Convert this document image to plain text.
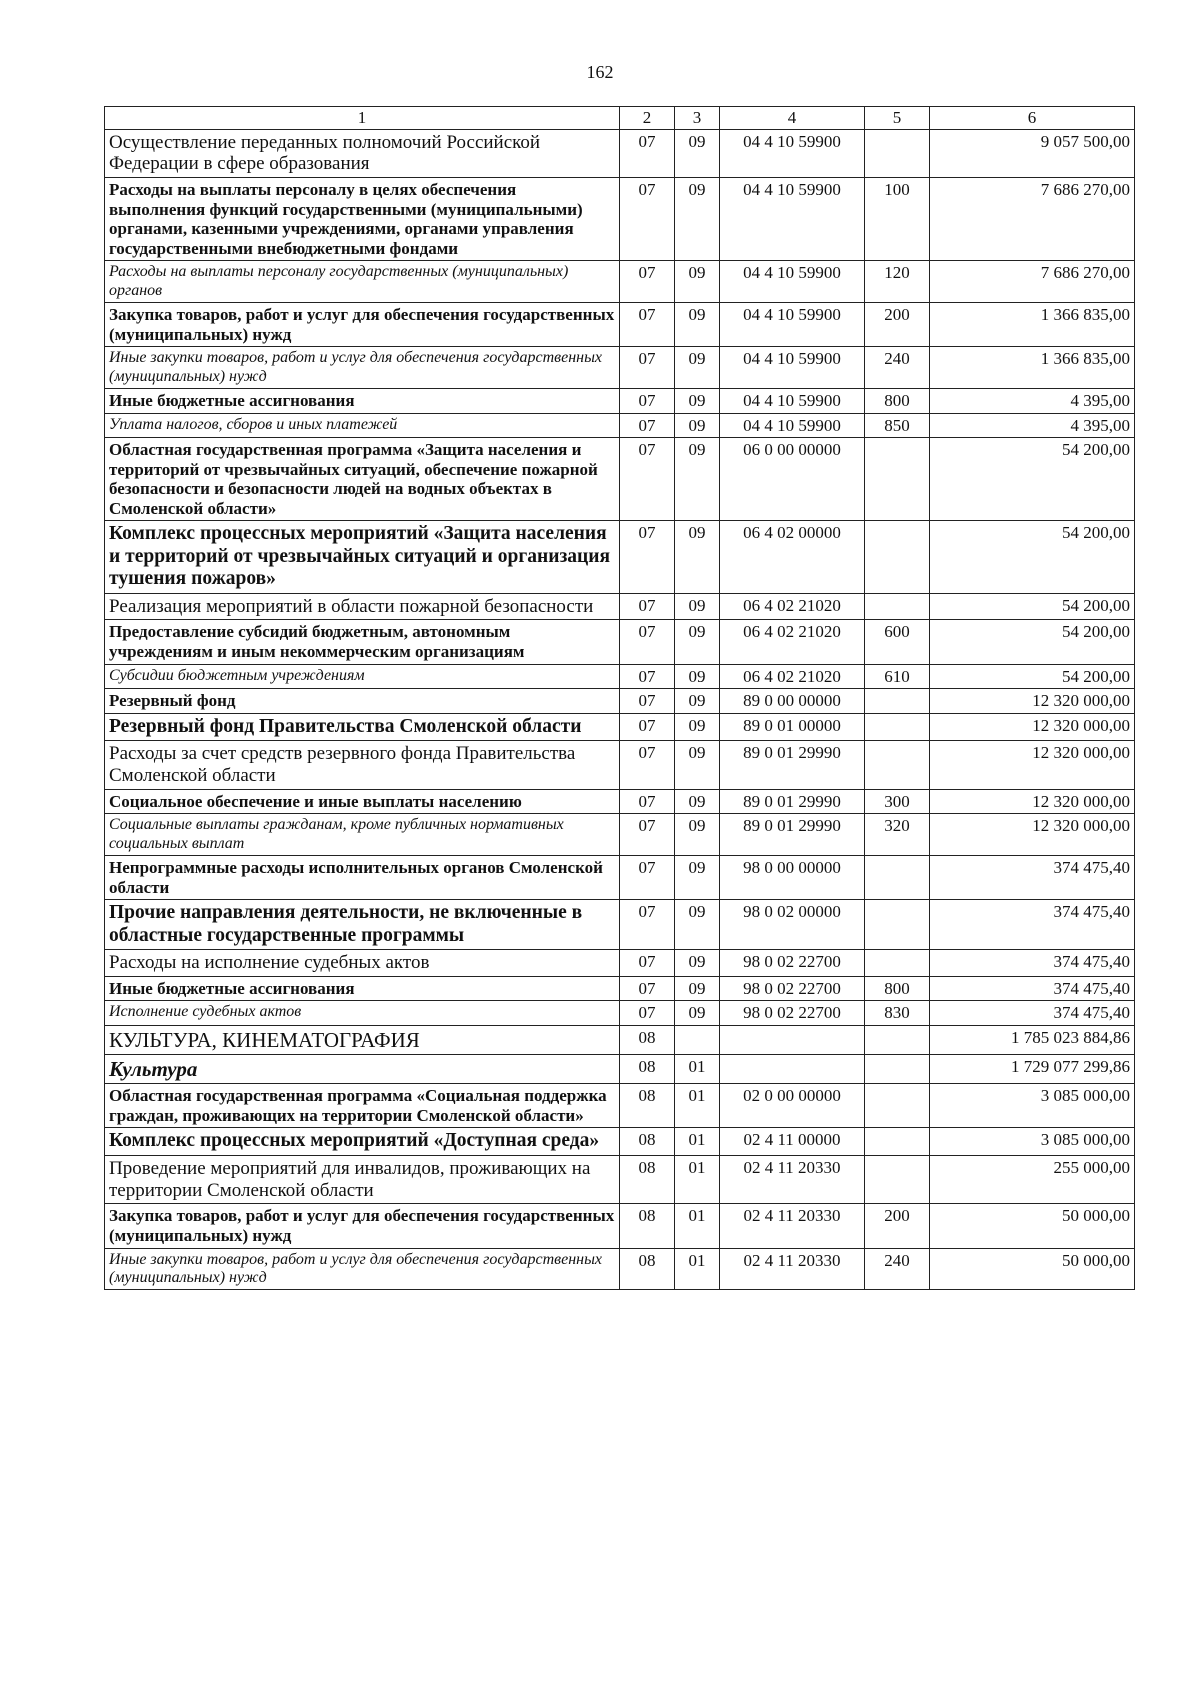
162
1	2	3	4	5	6
Осуществление переданных полномочий Российской Федерации в сфере образования	07	09	04 4 10 59900		9 057 500,00
Расходы на выплаты персоналу в целях обеспечения выполнения функций государственными (муниципальными) органами, казенными учреждениями, органами управления государственными внебюджетными фондами	07	09	04 4 10 59900	100	7 686 270,00
Расходы на выплаты персоналу государственных (муниципальных) органов	07	09	04 4 10 59900	120	7 686 270,00
Закупка товаров, работ и услуг для обеспечения государственных (муниципальных) нужд	07	09	04 4 10 59900	200	1 366 835,00
Иные закупки товаров, работ и услуг для обеспечения государственных (муниципальных) нужд	07	09	04 4 10 59900	240	1 366 835,00
Иные бюджетные ассигнования	07	09	04 4 10 59900	800	4 395,00
Уплата налогов, сборов и иных платежей	07	09	04 4 10 59900	850	4 395,00
Областная государственная программа «Защита населения и территорий от чрезвычайных ситуаций, обеспечение пожарной безопасности и безопасности людей на водных объектах в Смоленской области»	07	09	06 0 00 00000		54 200,00
Комплекс процессных мероприятий «Защита населения и территорий от чрезвычайных ситуаций и организация тушения пожаров»	07	09	06 4 02 00000		54 200,00
Реализация мероприятий в области пожарной безопасности	07	09	06 4 02 21020		54 200,00
Предоставление субсидий бюджетным, автономным учреждениям и иным некоммерческим организациям	07	09	06 4 02 21020	600	54 200,00
Субсидии бюджетным учреждениям	07	09	06 4 02 21020	610	54 200,00
Резервный фонд	07	09	89 0 00 00000		12 320 000,00
Резервный фонд Правительства Смоленской области	07	09	89 0 01 00000		12 320 000,00
Расходы за счет средств резервного фонда Правительства Смоленской области	07	09	89 0 01 29990		12 320 000,00
Социальное обеспечение и иные выплаты населению	07	09	89 0 01 29990	300	12 320 000,00
Социальные выплаты гражданам, кроме публичных нормативных социальных выплат	07	09	89 0 01 29990	320	12 320 000,00
Непрограммные расходы исполнительных органов Смоленской области	07	09	98 0 00 00000		374 475,40
Прочие направления деятельности, не включенные в областные государственные программы	07	09	98 0 02 00000		374 475,40
Расходы на исполнение судебных актов	07	09	98 0 02 22700		374 475,40
Иные бюджетные ассигнования	07	09	98 0 02 22700	800	374 475,40
Исполнение судебных актов	07	09	98 0 02 22700	830	374 475,40
КУЛЬТУРА, КИНЕМАТОГРАФИЯ	08				1 785 023 884,86
Культура	08	01			1 729 077 299,86
Областная государственная программа «Социальная поддержка граждан, проживающих на территории Смоленской области»	08	01	02 0 00 00000		3 085 000,00
Комплекс процессных мероприятий «Доступная среда»	08	01	02 4 11 00000		3 085 000,00
Проведение мероприятий для инвалидов, проживающих на территории Смоленской области	08	01	02 4 11 20330		255 000,00
Закупка товаров, работ и услуг для обеспечения государственных (муниципальных) нужд	08	01	02 4 11 20330	200	50 000,00
Иные закупки товаров, работ и услуг для обеспечения государственных (муниципальных) нужд	08	01	02 4 11 20330	240	50 000,00
